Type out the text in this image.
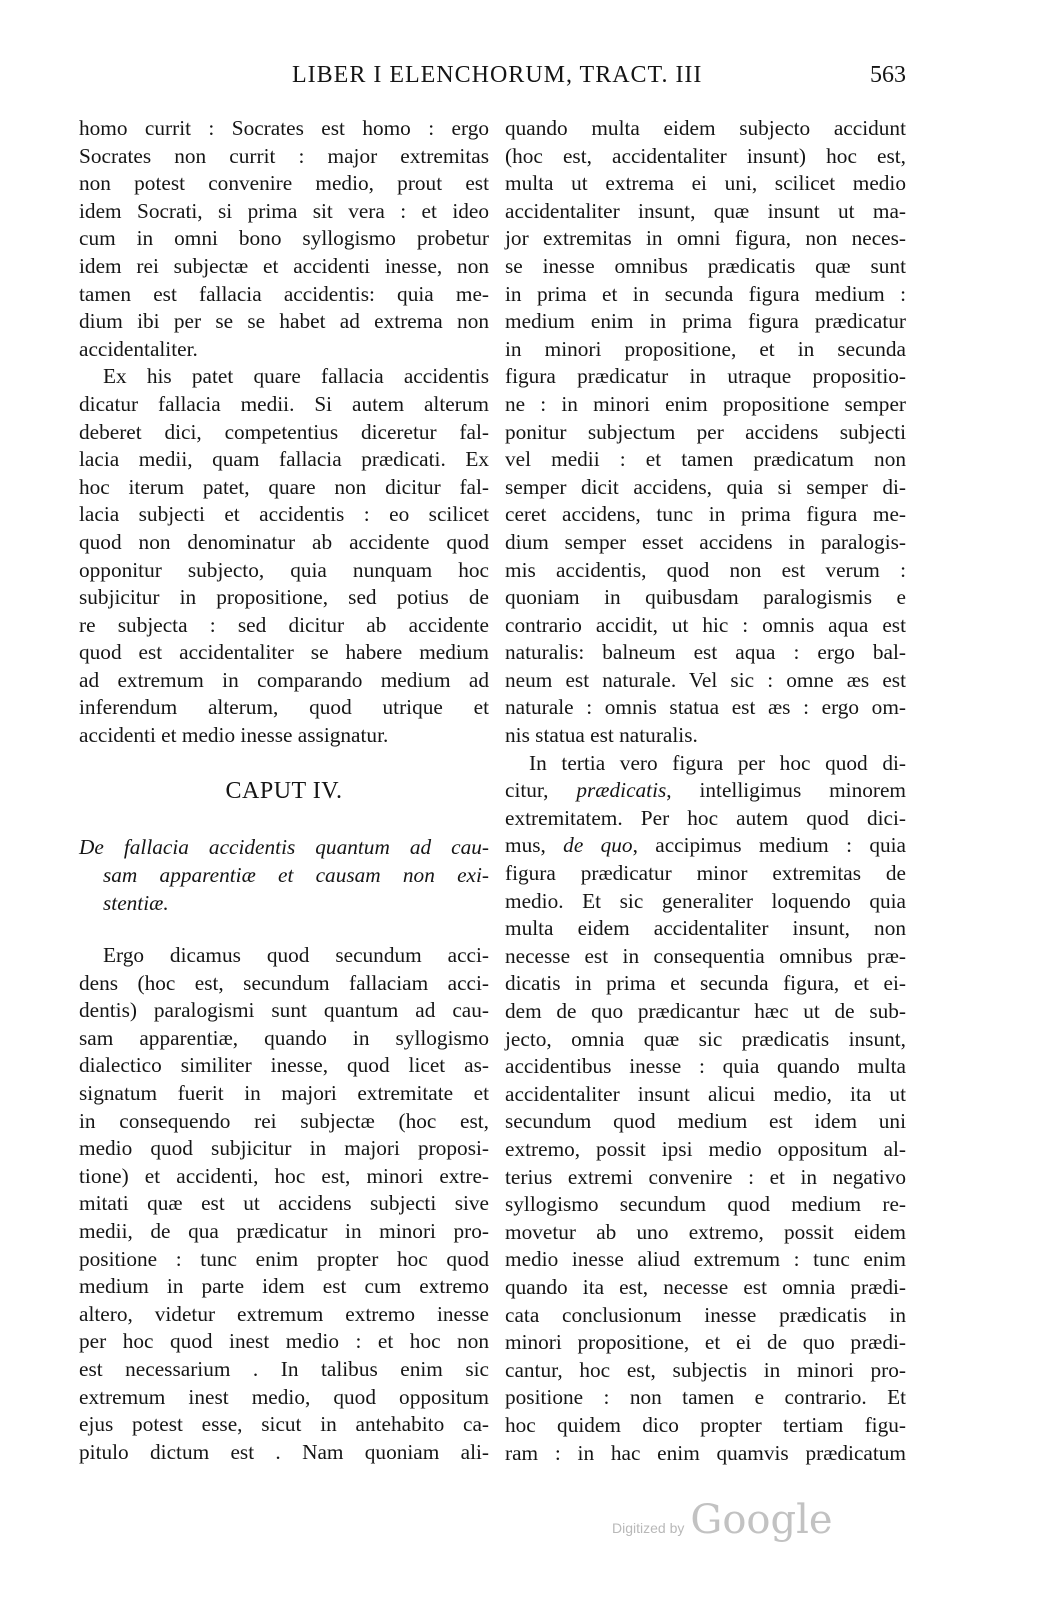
LIBER I ELENCHORUM, TRACT. III	563
homo currit : Socrates est homo : ergo
Socrates non currit : major extremitas
non potest convenire medio, prout est
idem Socrati, si prima sit vera : et ideo
cum in omni bono syllogismo probetur
idem rei subjectæ et accidenti inesse, non
tamen est fallacia accidentis: quia me-
dium ibi per se se habet ad extrema non
accidentaliter.
Ex his patet quare fallacia accidentis
dicatur fallacia medii. Si autem alterum
deberet dici, competentius diceretur fal-
lacia medii, quam fallacia prædicati. Ex
hoc iterum patet, quare non dicitur fal-
lacia subjecti et accidentis : eo scilicet
quod non denominatur ab accidente quod
opponitur subjecto, quia nunquam hoc
subjicitur in propositione, sed potius de
re subjecta : sed dicitur ab accidente
quod est accidentaliter se habere medium
ad extremum in comparando medium ad
inferendum alterum, quod utrique et
accidenti et medio inesse assignatur.
CAPUT IV.
De fallacia accidentis quantum ad cau-
sam apparentiæ et causam non exi-
stentiæ.
Ergo dicamus quod secundum acci-
dens (hoc est, secundum fallaciam acci-
dentis) paralogismi sunt quantum ad cau-
sam apparentiæ, quando in syllogismo
dialectico similiter inesse, quod licet as-
signatum fuerit in majori extremitate et
in consequendo rei subjectæ (hoc est,
medio quod subjicitur in majori proposi-
tione) et accidenti, hoc est, minori extre-
mitati quæ est ut accidens subjecti sive
medii, de qua prædicatur in minori pro-
positione : tunc enim propter hoc quod
medium in parte idem est cum extremo
altero, videtur extremum extremo inesse
per hoc quod inest medio : et hoc non
est necessarium . In talibus enim sic
extremum inest medio, quod oppositum
ejus potest esse, sicut in antehabito ca-
pitulo dictum est . Nam quoniam ali-
quando multa eidem subjecto accidunt
(hoc est, accidentaliter insunt) hoc est,
multa ut extrema ei uni, scilicet medio
accidentaliter insunt, quæ insunt ut ma-
jor extremitas in omni figura, non neces-
se inesse omnibus prædicatis quæ sunt
in prima et in secunda figura medium :
medium enim in prima figura prædicatur
in minori propositione, et in secunda
figura prædicatur in utraque propositio-
ne : in minori enim propositione semper
ponitur subjectum per accidens subjecti
vel medii : et tamen prædicatum non
semper dicit accidens, quia si semper di-
ceret accidens, tunc in prima figura me-
dium semper esset accidens in paralogis-
mis accidentis, quod non est verum :
quoniam in quibusdam paralogismis e
contrario accidit, ut hic : omnis aqua est
naturalis: balneum est aqua : ergo bal-
neum est naturale. Vel sic : omne æs est
naturale : omnis statua est æs : ergo om-
nis statua est naturalis.
In tertia vero figura per hoc quod di-
citur, prædicatis, intelligimus minorem
extremitatem. Per hoc autem quod dici-
mus, de quo, accipimus medium : quia
figura prædicatur minor extremitas de
medio. Et sic generaliter loquendo quia
multa eidem accidentaliter insunt, non
necesse est in consequentia omnibus præ-
dicatis in prima et secunda figura, et ei-
dem de quo prædicantur hæc ut de sub-
jecto, omnia quæ sic prædicatis insunt,
accidentibus inesse : quia quando multa
accidentaliter insunt alicui medio, ita ut
secundum quod medium est idem uni
extremo, possit ipsi medio oppositum al-
terius extremi convenire : et in negativo
syllogismo secundum quod medium re-
movetur ab uno extremo, possit eidem
medio inesse aliud extremum : tunc enim
quando ita est, necesse est omnia prædi-
cata conclusionum inesse prædicatis in
minori propositione, et ei de quo prædi-
cantur, hoc est, subjectis in minori pro-
positione : non tamen e contrario. Et
hoc quidem dico propter tertiam figu-
ram : in hac enim quamvis prædicatum
Digitized by Google
